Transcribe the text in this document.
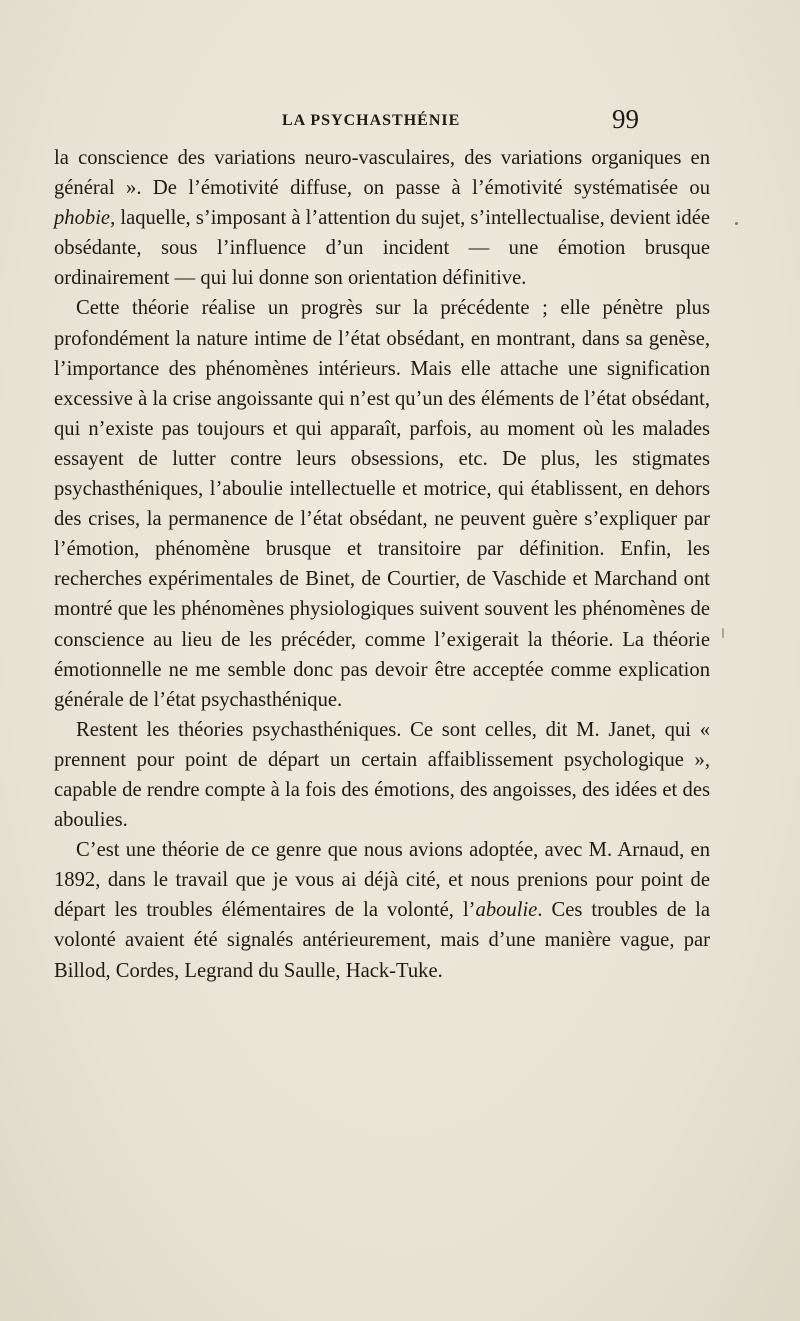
LA PSYCHASTHÉNIE	99

la conscience des variations neuro-vasculaires, des variations organiques en général ». De l’émotivité diffuse, on passe à l’émotivité systématisée ou phobie, laquelle, s’imposant à l’attention du sujet, s’intellectualise, devient idée obsédante, sous l’influence d’un incident — une émotion brusque ordinairement — qui lui donne son orientation définitive.

Cette théorie réalise un progrès sur la précédente ; elle pénètre plus profondément la nature intime de l’état obsédant, en montrant, dans sa genèse, l’importance des phénomènes intérieurs. Mais elle attache une signification excessive à la crise angoissante qui n’est qu’un des éléments de l’état obsédant, qui n’existe pas toujours et qui apparaît, parfois, au moment où les malades essayent de lutter contre leurs obsessions, etc. De plus, les stigmates psychasthéniques, l’aboulie intellectuelle et motrice, qui établissent, en dehors des crises, la permanence de l’état obsédant, ne peuvent guère s’expliquer par l’émotion, phénomène brusque et transitoire par définition. Enfin, les recherches expérimentales de Binet, de Courtier, de Vaschide et Marchand ont montré que les phénomènes physiologiques suivent souvent les phénomènes de conscience au lieu de les précéder, comme l’exigerait la théorie. La théorie émotionnelle ne me semble donc pas devoir être acceptée comme explication générale de l’état psychasthénique.

Restent les théories psychasthéniques. Ce sont celles, dit M. Janet, qui « prennent pour point de départ un certain affaiblissement psychologique », capable de rendre compte à la fois des émotions, des angoisses, des idées et des aboulies.

C’est une théorie de ce genre que nous avions adoptée, avec M. Arnaud, en 1892, dans le travail que je vous ai déjà cité, et nous prenions pour point de départ les troubles élémentaires de la volonté, l’aboulie. Ces troubles de la volonté avaient été signalés antérieurement, mais d’une manière vague, par Billod, Cordes, Legrand du Saulle, Hack-Tuke.
